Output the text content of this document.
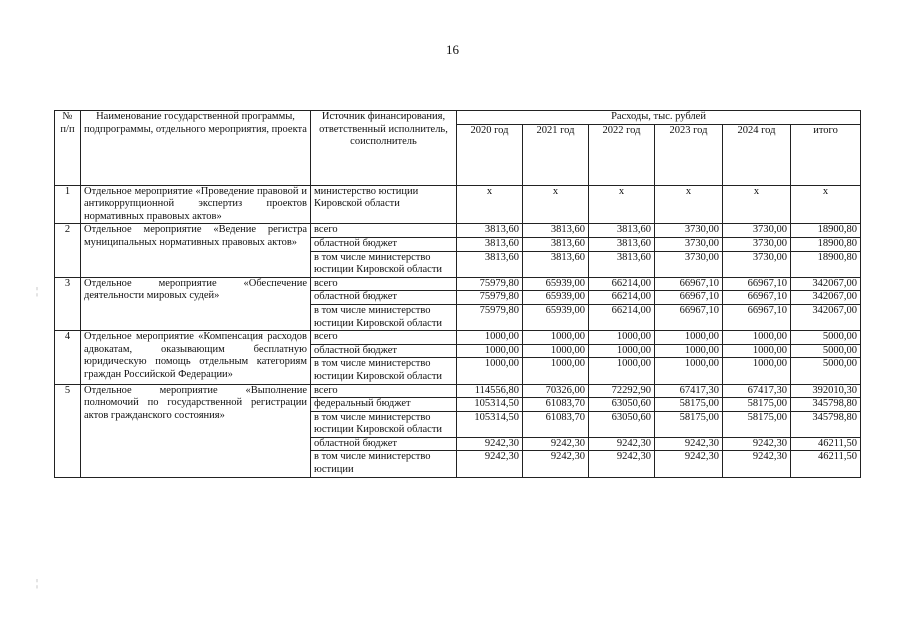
16
¦
¦
№ п/п	Наименование государственной программы, подпрограммы, отдельного мероприятия, проекта	Источник финансирования, ответственный исполнитель, соисполнитель	Расходы, тыс. рублей					
			2020 год	2021 год	2022 год	2023 год	2024 год	итого
1	Отдельное мероприятие «Проведение правовой и антикоррупционной экспертиз проектов нормативных правовых актов»	министерство юстиции Кировской области	х	х	х	х	х	х
2	Отдельное мероприятие «Ведение регистра муниципальных нормативных правовых актов»	всего	3813,60	3813,60	3813,60	3730,00	3730,00	18900,80
		областной бюджет	3813,60	3813,60	3813,60	3730,00	3730,00	18900,80
		в том числе министерство юстиции Кировской области	3813,60	3813,60	3813,60	3730,00	3730,00	18900,80
3	Отдельное мероприятие «Обеспечение деятельности мировых судей»	всего	75979,80	65939,00	66214,00	66967,10	66967,10	342067,00
		областной бюджет	75979,80	65939,00	66214,00	66967,10	66967,10	342067,00
		в том числе министерство юстиции Кировской области	75979,80	65939,00	66214,00	66967,10	66967,10	342067,00
4	Отдельное мероприятие «Компенсация расходов адвокатам, оказывающим бесплатную юридическую помощь отдельным категориям граждан Российской Федерации»	всего	1000,00	1000,00	1000,00	1000,00	1000,00	5000,00
		областной бюджет	1000,00	1000,00	1000,00	1000,00	1000,00	5000,00
		в том числе министерство юстиции Кировской области	1000,00	1000,00	1000,00	1000,00	1000,00	5000,00
5	Отдельное мероприятие «Выполнение полномочий по государственной регистрации актов гражданского состояния»	всего	114556,80	70326,00	72292,90	67417,30	67417,30	392010,30
		федеральный бюджет	105314,50	61083,70	63050,60	58175,00	58175,00	345798,80
		в том числе министерство юстиции Кировской области	105314,50	61083,70	63050,60	58175,00	58175,00	345798,80
		областной бюджет	9242,30	9242,30	9242,30	9242,30	9242,30	46211,50
		в том числе министерство юстиции	9242,30	9242,30	9242,30	9242,30	9242,30	46211,50
